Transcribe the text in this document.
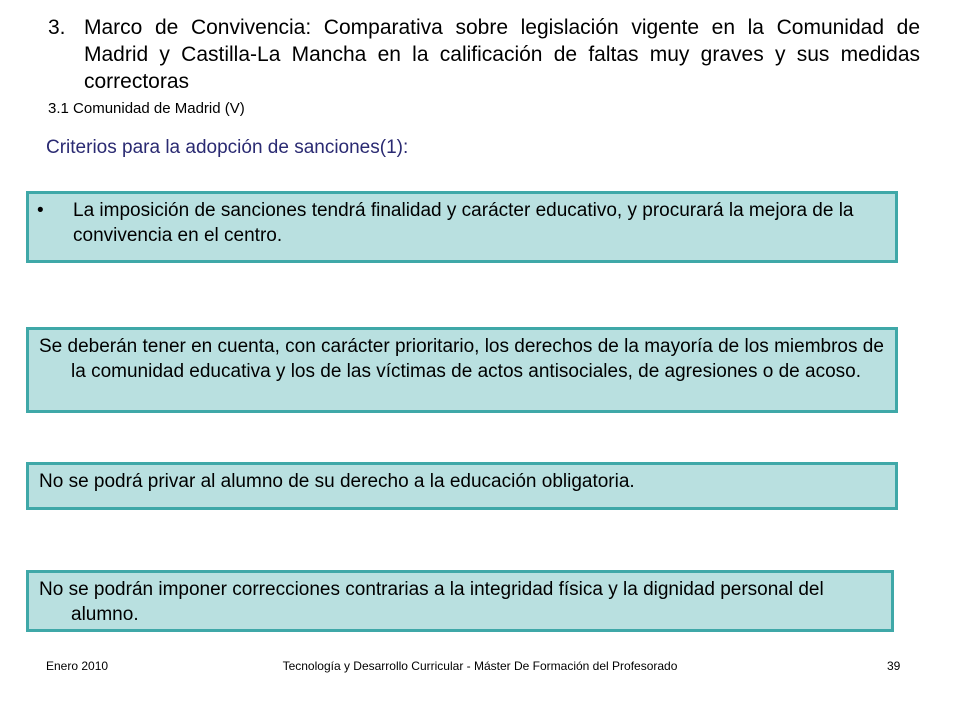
3. Marco de Convivencia: Comparativa sobre legislación vigente en la Comunidad de Madrid y Castilla-La Mancha en la calificación de faltas muy graves y sus medidas correctoras
3.1 Comunidad de Madrid (V)
Criterios para la adopción de sanciones(1):
• La imposición de sanciones tendrá finalidad y carácter educativo, y procurará la mejora de la convivencia en el centro.
Se deberán tener en cuenta, con carácter prioritario, los derechos de la mayoría de los miembros de la comunidad educativa y los de las víctimas de actos antisociales, de agresiones o de acoso.
No se podrá privar al alumno de su derecho a la educación obligatoria.
No se podrán imponer correcciones contrarias a la integridad física y la dignidad personal del alumno.
Tecnología y Desarrollo Curricular - Máster De Formación del Profesorado
Enero 2010	39
